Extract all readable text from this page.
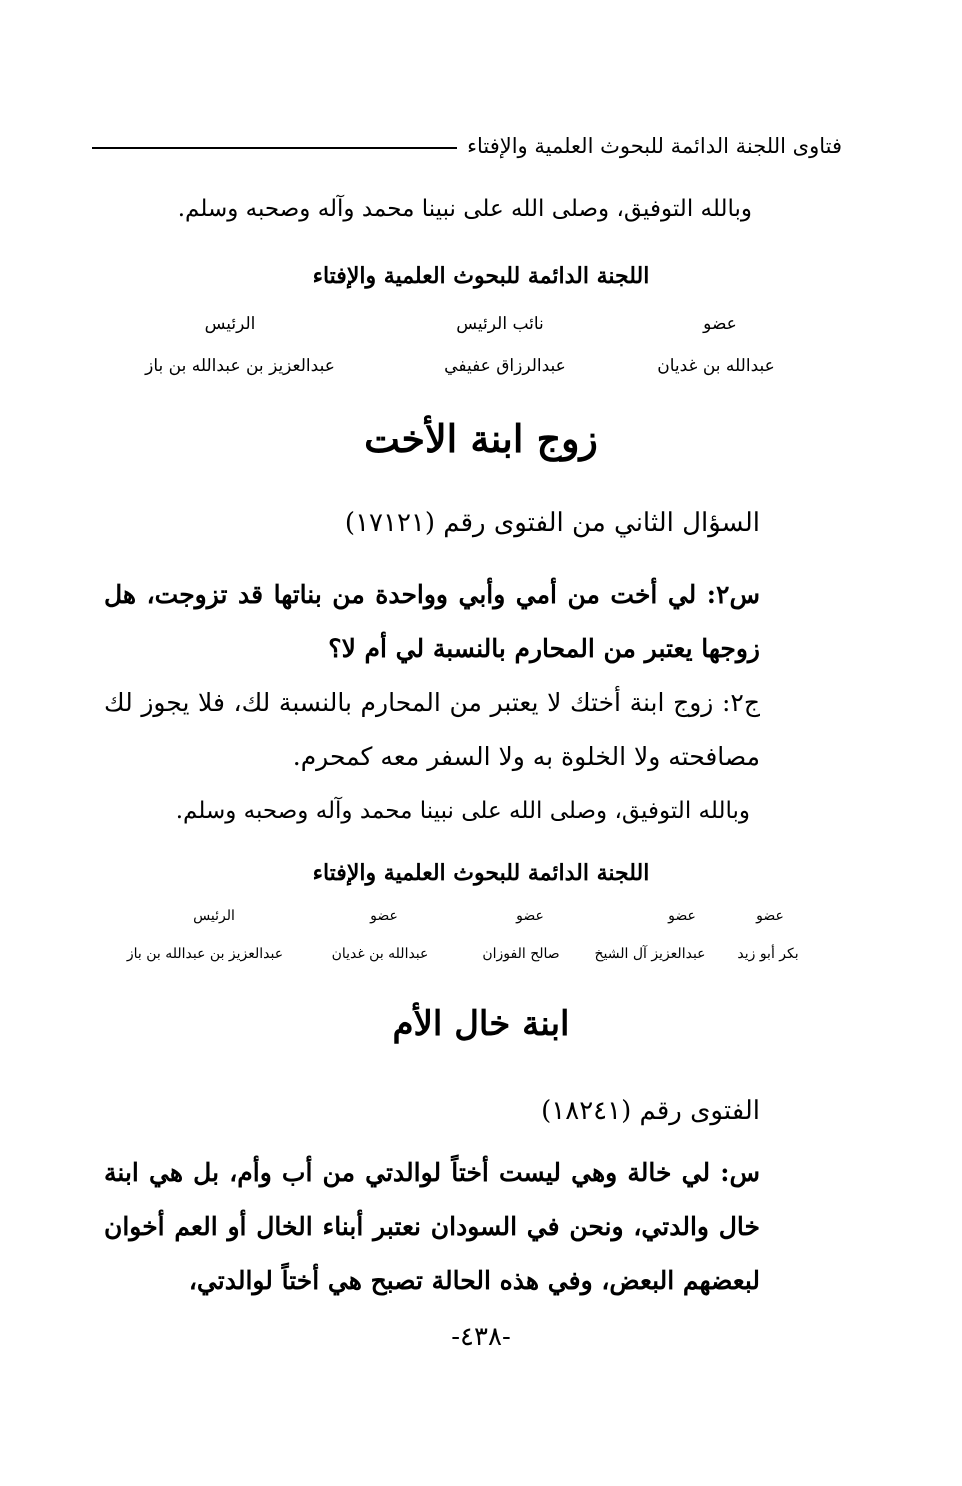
فتاوى اللجنة الدائمة للبحوث العلمية والإفتاء
وبالله التوفيق، وصلى الله على نبينا محمد وآله وصحبه وسلم.
اللجنة الدائمة للبحوث العلمية والإفتاء
عضو
نائب الرئيس
الرئيس
عبدالله بن غديان
عبدالرزاق عفيفي
عبدالعزيز بن عبدالله بن باز
زوج ابنة الأخت
السؤال الثاني من الفتوى رقم (١٧١٢١)
س٢: لي أخت من أمي وأبي وواحدة من بناتها قد تزوجت، هل زوجها يعتبر من المحارم بالنسبة لي أم لا؟
ج٢: زوج ابنة أختك لا يعتبر من المحارم بالنسبة لك، فلا يجوز لك مصافحته ولا الخلوة به ولا السفر معه كمحرم.
وبالله التوفيق، وصلى الله على نبينا محمد وآله وصحبه وسلم.
اللجنة الدائمة للبحوث العلمية والإفتاء
عضو
عضو
عضو
عضو
الرئيس
بكر أبو زيد
عبدالعزيز آل الشيخ
صالح الفوزان
عبدالله بن غديان
عبدالعزيز بن عبدالله بن باز
ابنة خال الأم
الفتوى رقم (١٨٢٤١)
س: لي خالة وهي ليست أختاً لوالدتي من أب وأم، بل هي ابنة خال والدتي، ونحن في السودان نعتبر أبناء الخال أو العم أخوان لبعضهم البعض، وفي هذه الحالة تصبح هي أختاً لوالدتي،
-٤٣٨-
